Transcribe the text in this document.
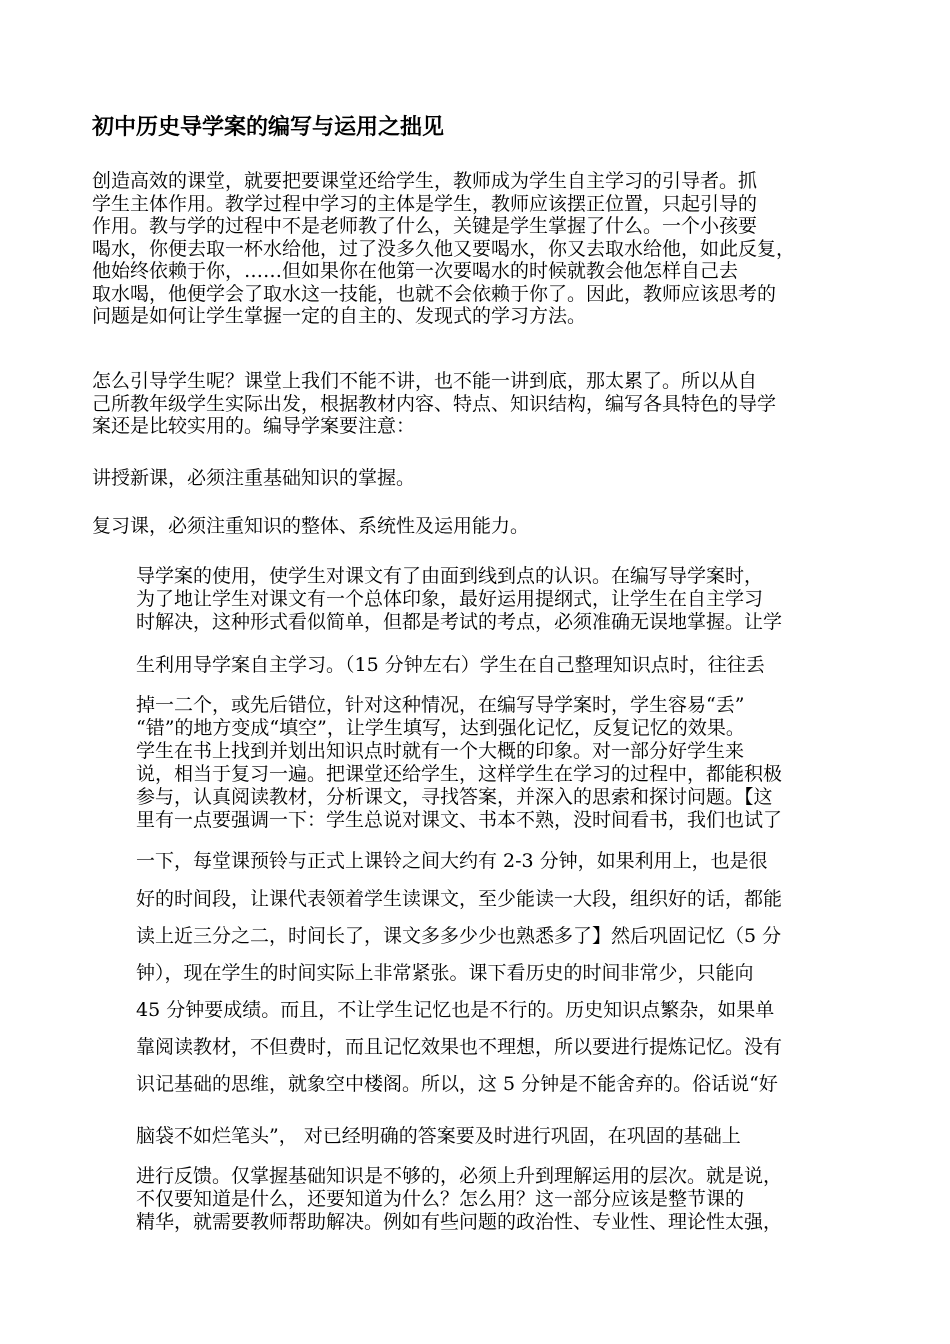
初中历史导学案的编写与运用之拙见
创造高效的课堂，就要把要课堂还给学生，教师成为学生自主学习的引导者。抓
学生主体作用。教学过程中学习的主体是学生，教师应该摆正位置，只起引导的
作用。教与学的过程中不是老师教了什么，关键是学生掌握了什么。一个小孩要
喝水，你便去取一杯水给他，过了没多久他又要喝水，你又去取水给他，如此反复，
他始终依赖于你，……但如果你在他第一次要喝水的时候就教会他怎样自己去
取水喝，他便学会了取水这一技能，也就不会依赖于你了。因此，教师应该思考的
问题是如何让学生掌握一定的自主的、发现式的学习方法。
怎么引导学生呢？课堂上我们不能不讲，也不能一讲到底，那太累了。所以从自
己所教年级学生实际出发，根据教材内容、特点、知识结构，编写各具特色的导学
案还是比较实用的。编导学案要注意：
讲授新课，必须注重基础知识的掌握。
复习课，必须注重知识的整体、系统性及运用能力。
导学案的使用，使学生对课文有了由面到线到点的认识。在编写导学案时，
为了地让学生对课文有一个总体印象，最好运用提纲式，让学生在自主学习
时解决，这种形式看似简单，但都是考试的考点，必须准确无误地掌握。让学
生利用导学案自主学习。（15 分钟左右）学生在自己整理知识点时，往往丢
掉一二个，或先后错位，针对这种情况，在编写导学案时，学生容易“丢”
“错”的地方变成“填空”，让学生填写，达到强化记忆，反复记忆的效果。
学生在书上找到并划出知识点时就有一个大概的印象。对一部分好学生来
说，相当于复习一遍。把课堂还给学生，这样学生在学习的过程中，都能积极
参与，认真阅读教材，分析课文，寻找答案，并深入的思索和探讨问题。【这
里有一点要强调一下：学生总说对课文、书本不熟，没时间看书，我们也试了
一下，每堂课预铃与正式上课铃之间大约有 2-3 分钟，如果利用上，也是很
好的时间段，让课代表领着学生读课文，至少能读一大段，组织好的话，都能
读上近三分之二，时间长了，课文多多少少也熟悉多了】然后巩固记忆（5 分
钟），现在学生的时间实际上非常紧张。课下看历史的时间非常少，只能向
45 分钟要成绩。而且，不让学生记忆也是不行的。历史知识点繁杂，如果单
靠阅读教材，不但费时，而且记忆效果也不理想，所以要进行提炼记忆。没有
识记基础的思维，就象空中楼阁。所以，这 5 分钟是不能舍弃的。俗话说“好
脑袋不如烂笔头”， 对已经明确的答案要及时进行巩固，在巩固的基础上
进行反馈。仅掌握基础知识是不够的，必须上升到理解运用的层次。就是说，
不仅要知道是什么，还要知道为什么？怎么用？这一部分应该是整节课的
精华，就需要教师帮助解决。例如有些问题的政治性、专业性、理论性太强，
